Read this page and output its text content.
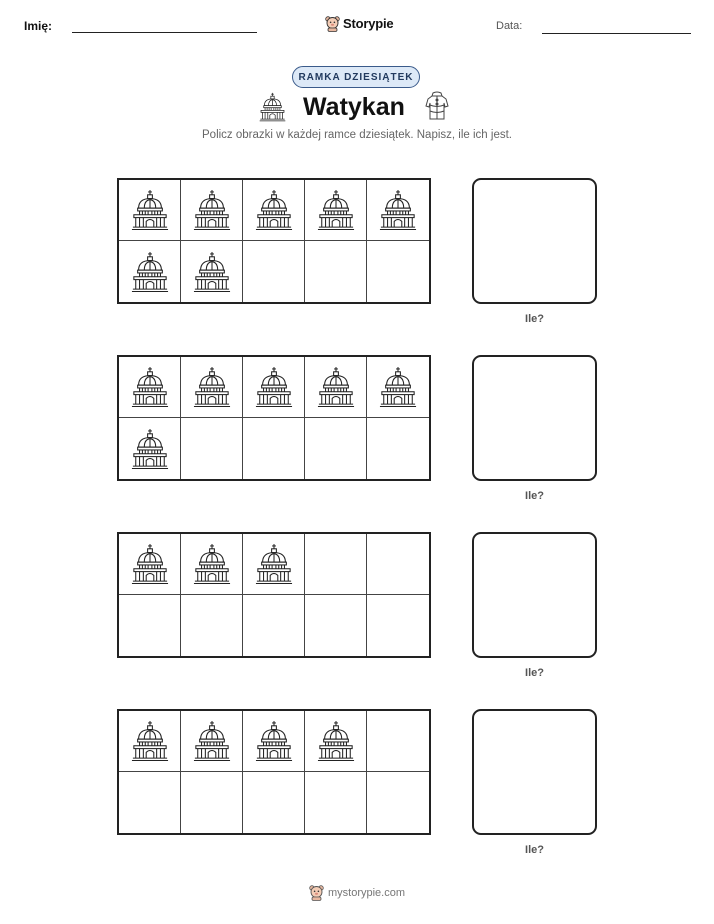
Imię:	Storypie	Data:
RAMKA DZIESIĄTEK
Watykan
Policz obrazki w każdej ramce dziesiątek. Napisz, ile ich jest.
Ile?
Ile?
Ile?
Ile?
mystorypie.com
